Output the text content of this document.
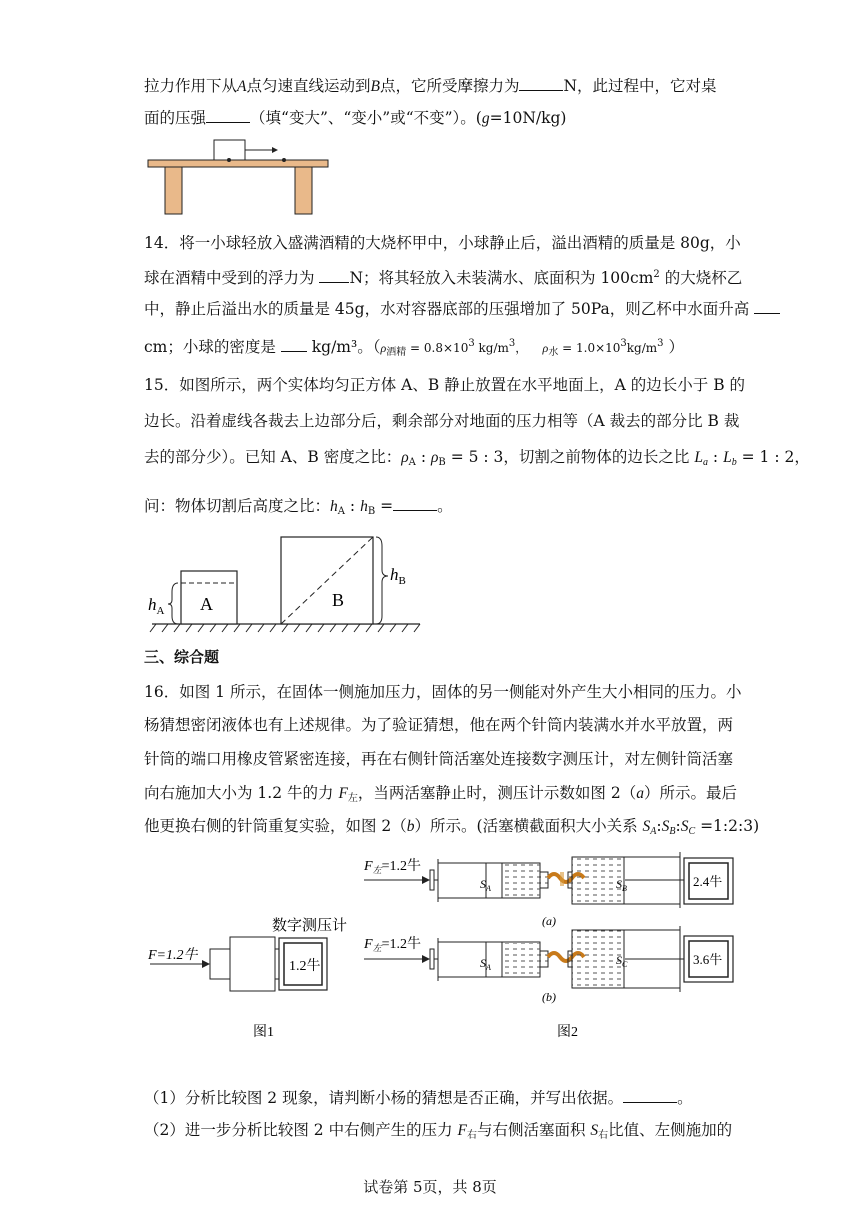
拉力作用下从A点匀速直线运动到B点，它所受摩擦力为	N，此过程中，它对桌
面的压强	（填“变大”、“变小”或“不变”）。(g=10N/kg)
14．将一小球轻放入盛满酒精的大烧杯甲中，小球静止后，溢出酒精的质量是 80g，小
球在酒精中受到的浮力为 N；将其轻放入未装满水、底面积为 $100cm^2$ 的大烧杯乙
中，静止后溢出水的质量是 45g，水对容器底部的压强增加了 50Pa，则乙杯中水面升高
cm；小球的密度是 kg/m³。（$\rho_{酒精} = 0.8\times 10^3$ $kg/m^3$，    $\rho_水 = 1.0\times 10^3kg/m^3$ ）
15．如图所示，两个实体均匀正方体 A、B 静止放置在水平地面上，A 的边长小于 B 的
边长。沿着虚线各裁去上边部分后，剩余部分对地面的压力相等（A 裁去的部分比 B 裁
去的部分少）。已知 A、B 密度之比：$\rho_A$ : $\rho_B = 5$ : 3，切割之前物体的边长之比 $L_a$ : $L_b = 1$ : 2，
问：物体切割后高度之比：$h_A$ : $h_B$ =	。
A
$h_A$
B
$h_B$
三、综合题
16．如图 1 所示，在固体一侧施加压力，固体的另一侧能对外产生大小相同的压力。小
杨猜想密闭液体也有上述规律。为了验证猜想，他在两个针筒内装满水并水平放置，两
针筒的端口用橡皮管紧密连接，再在右侧针筒活塞处连接数字测压计，对左侧针筒活塞
向右施加大小为 1.2 牛的力 $F_左$，当两活塞静止时，测压计示数如图 2（a）所示。最后
他更换右侧的针筒重复实验，如图 2（b）所示。(活塞横截面积大小关系 $S_A:S_B:S_C$ =1:2:3)
数字测压计
F=1.2牛
1.2牛
图1
$F_左=1.2$牛
$S_A$	$S_B$	2.4牛
(a)
$F_左=1.2$牛
$S_A$
$S_C$	3.6牛
(b)
图2
（1）分析比较图 2 现象，请判断小杨的猜想是否正确，并写出依据。	。
（2）进一步分析比较图 2 中右侧产生的压力 $F_右$与右侧活塞面积 $S_右$比值、左侧施加的
试卷第 5页，共 8页
